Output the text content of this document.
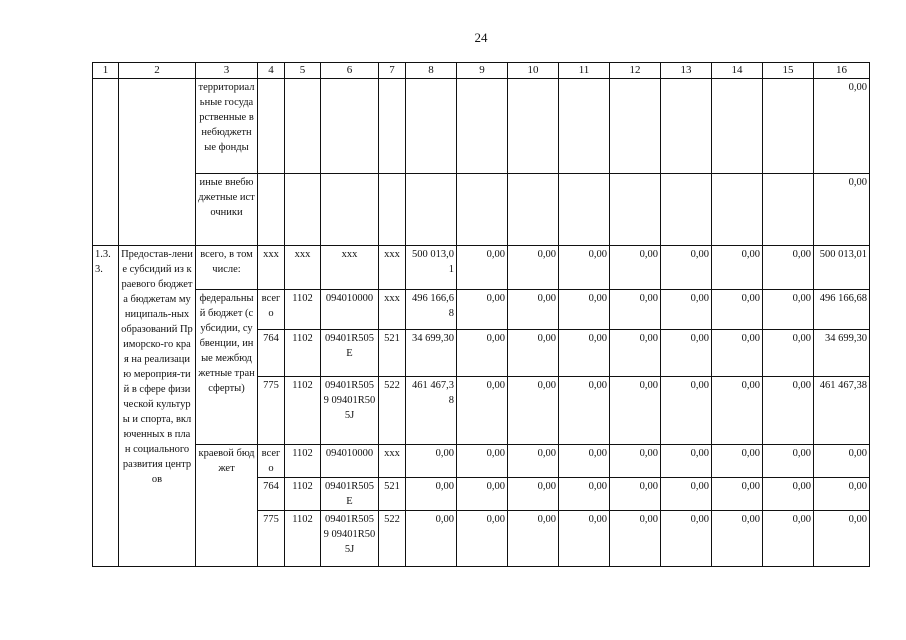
24
1	2	3	4	5	6	7	8	9	10	11	12	13	14	15	16
		территориальные государственные внебюджетные фонды													0,00
		иные внебюджетные источники													0,00
1.3.3.	Предостав-ление субсидий из краевого бюджета бюджетам муниципаль-ных образований Приморско-го края на реализацию мероприя-тий в сфере физической культуры и спорта, включенных в план социального развития центров	всего, в том числе:	xxx	xxx	xxx	xxx	500 013,01	0,00	0,00	0,00	0,00	0,00	0,00	0,00	500 013,01
		федеральный бюджет (субсидии, субвенции, иные межбюджетные трансферты)	всего	1102	094010000	xxx	496 166,68	0,00	0,00	0,00	0,00	0,00	0,00	0,00	496 166,68
			764	1102	09401R505E	521	34 699,30	0,00	0,00	0,00	0,00	0,00	0,00	0,00	34 699,30
			775	1102	09401R5059 09401R505J	522	461 467,38	0,00	0,00	0,00	0,00	0,00	0,00	0,00	461 467,38
		краевой бюджет	всего	1102	094010000	xxx	0,00	0,00	0,00	0,00	0,00	0,00	0,00	0,00	0,00
			764	1102	09401R505E	521	0,00	0,00	0,00	0,00	0,00	0,00	0,00	0,00	0,00
			775	1102	09401R5059 09401R505J	522	0,00	0,00	0,00	0,00	0,00	0,00	0,00	0,00	0,00
